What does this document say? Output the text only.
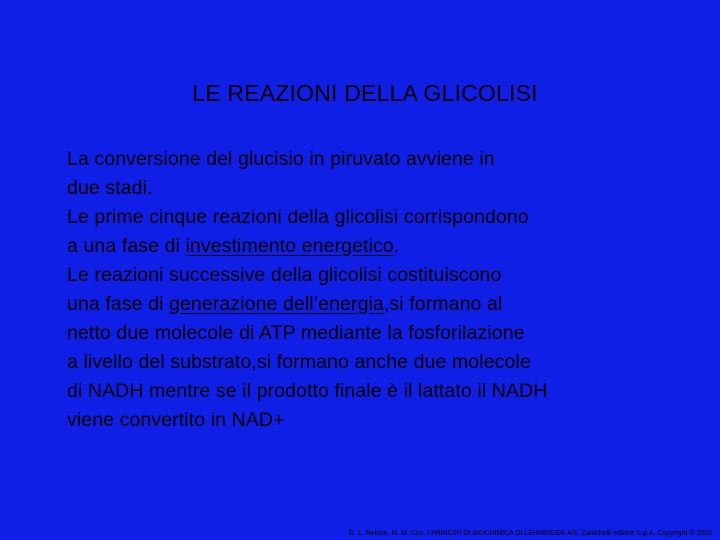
LE REAZIONI DELLA GLICOLISI
La conversione del glucisio in piruvato avviene in
due stadi.
Le prime cinque reazioni della glicolisi corrispondono
a una fase di investimento energetico.
Le reazioni successive della glicolisi costituiscono
una fase di generazione dell’energia,si formano al
netto due molecole di ATP mediante la fosforilazione
a livello del substrato,si formano anche due molecole
di NADH mentre se il prodotto finale è il lattato il NADH
viene convertito in NAD+
D. L. Nelson, M. M. Cox, I PRINCIPI DI BIOCHIMICA DI LEHNINGER 4/E, Zanichelli editore S.p.A. Copyright © 2006
